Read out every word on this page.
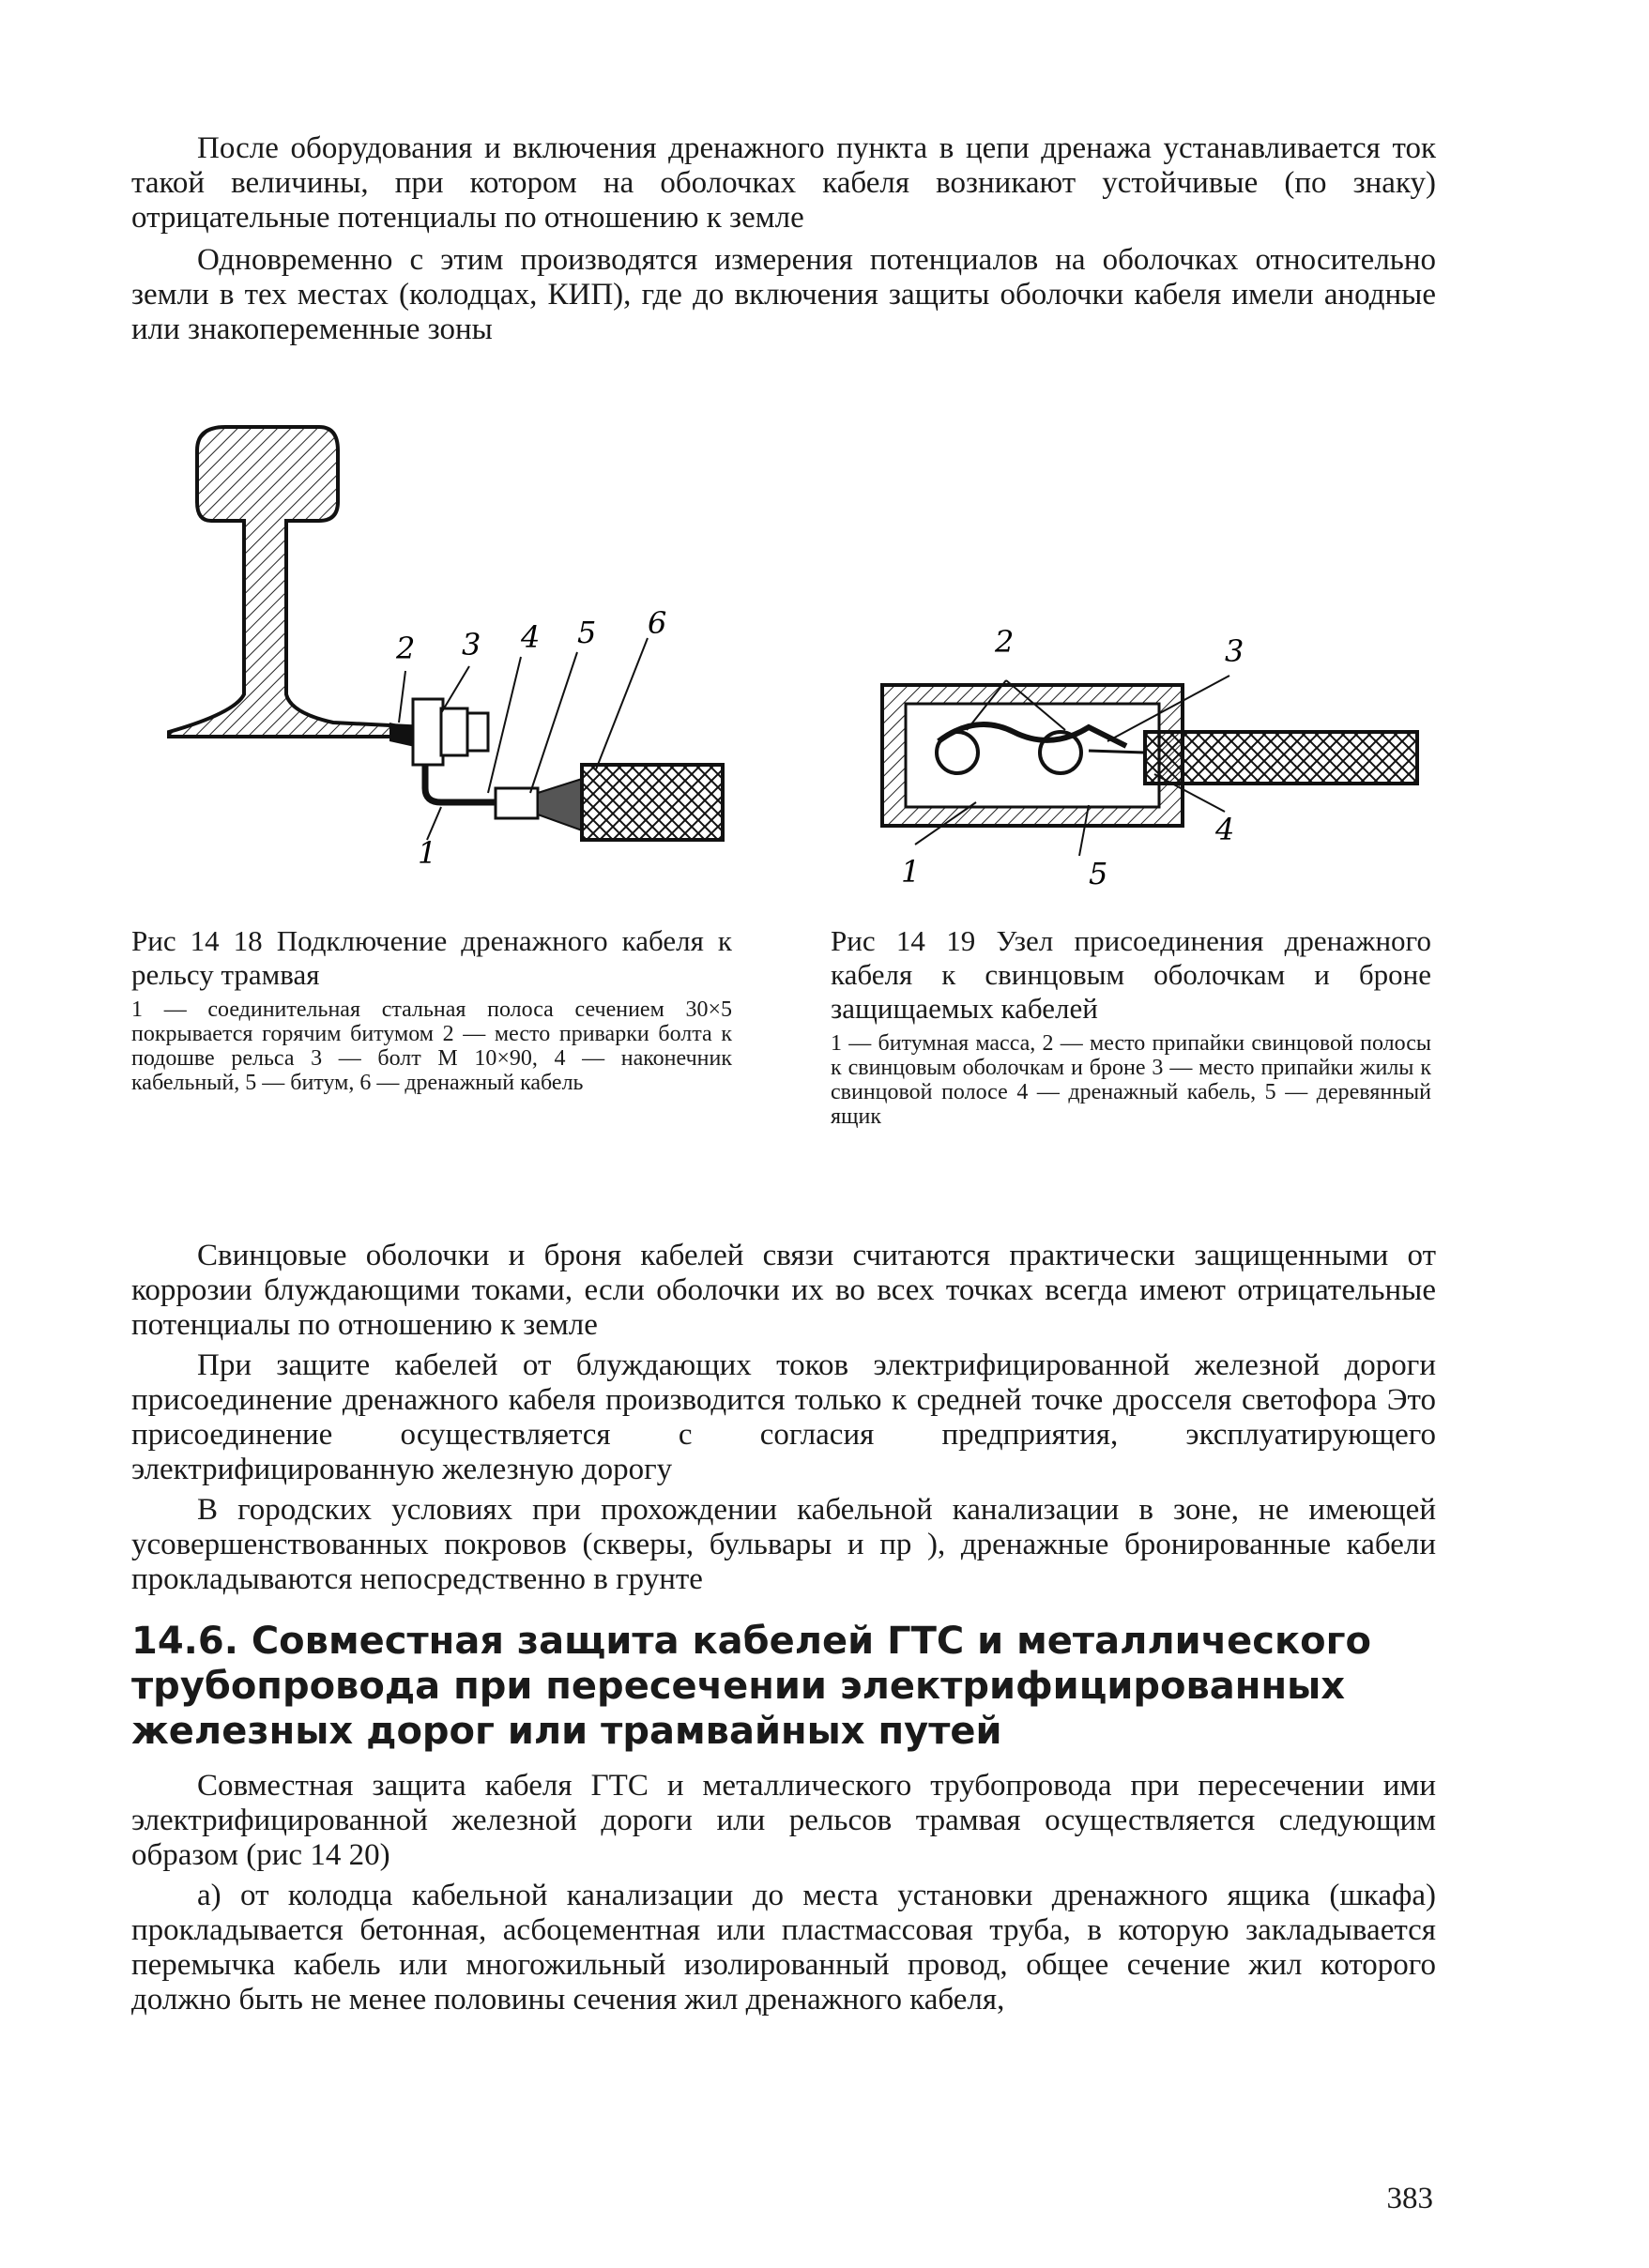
После оборудования и включения дренажного пункта в цепи дренажа устанавливается ток такой величины, при котором на оболочках кабеля возникают устойчивые (по знаку) отрицательные потенциалы по отношению к земле

Одновременно с этим производятся измерения потенциалов на оболочках относительно земли в тех местах (колодцах, КИП), где до включения защиты оболочки кабеля имели анодные или знакопеременные зоны

1
2 3 4 5 6
1
2	3
4
5

Рис 14 18 Подключение дренажного кабеля к рельсу трамвая

1 — соединительная стальная полоса сечением 30×5 покрывается горячим битумом 2 — место приварки болта к подошве рельса 3 — болт М 10×90, 4 — наконечник кабельный, 5 — битум, 6 — дренажный кабель

Рис 14 19 Узел присоединения дренажного кабеля к свинцовым оболочкам и броне защищаемых кабелей

1 — битумная масса, 2 — место припайки свинцовой полосы к свинцовым оболочкам и броне 3 — место припайки жилы к свинцовой полосе 4 — дренажный кабель, 5 — деревянный ящик

Свинцовые оболочки и броня кабелей связи считаются практически защищенными от коррозии блуждающими токами, если оболочки их во всех точках всегда имеют отрицательные потенциалы по отношению к земле

При защите кабелей от блуждающих токов электрифицированной железной дороги присоединение дренажного кабеля производится только к средней точке дросселя светофора Это присоединение осуществляется с согласия предприятия, эксплуатирующего электрифицированную железную дорогу

В городских условиях при прохождении кабельной канализации в зоне, не имеющей усовершенствованных покровов (скверы, бульвары и пр ), дренажные бронированные кабели прокладываются непосредственно в грунте

14.6. Совместная защита кабелей ГТС и металлического трубопровода при пересечении электрифицированных железных дорог или трамвайных путей

Совместная защита кабеля ГТС и металлического трубопровода при пересечении ими электрифицированной железной дороги или рельсов трамвая осуществляется следующим образом (рис 14 20)

а) от колодца кабельной канализации до места установки дренажного ящика (шкафа) прокладывается бетонная, асбоцементная или пластмассовая труба, в которую закладывается перемычка кабель или многожильный изолированный провод, общее сечение жил которого должно быть не менее половины сечения жил дренажного кабеля,

383
